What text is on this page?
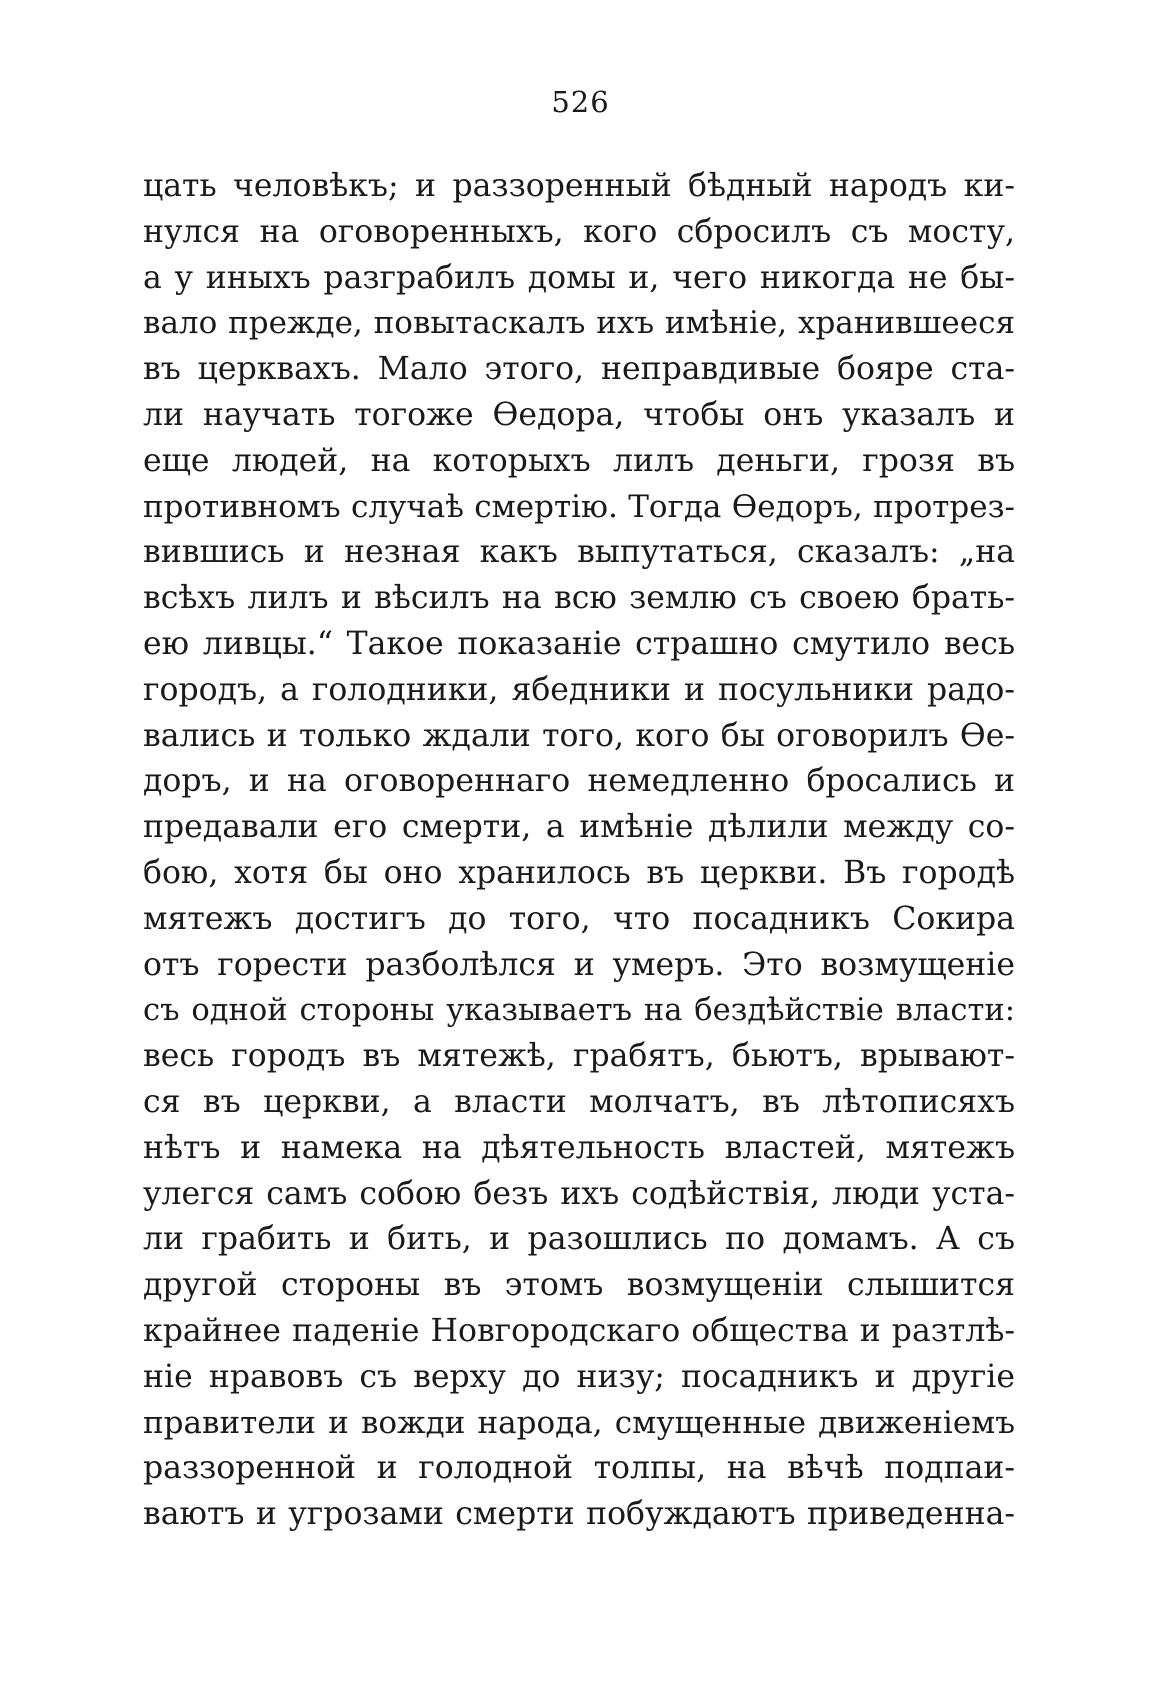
526
цать человѣкъ; и раззоренный бѣдный народъ ки-
нулся на оговоренныхъ, кого сбросилъ съ мосту,
а у иныхъ разграбилъ домы и, чего никогда не бы-
вало прежде, повытаскалъ ихъ имѣніе, хранившееся
въ церквахъ. Мало этого, неправдивые бояре ста-
ли научать тогоже Ѳедора, чтобы онъ указалъ и
еще людей, на которыхъ лилъ деньги, грозя въ
противномъ случаѣ смертію. Тогда Ѳедоръ, протрез-
вившись и незная какъ выпутаться, сказалъ: „на
всѣхъ лилъ и вѣсилъ на всю землю съ своею брать-
ею ливцы.“ Такое показаніе страшно смутило весь
городъ, а голодники, ябедники и посульники радо-
вались и только ждали того, кого бы оговорилъ Ѳе-
доръ, и на оговореннаго немедленно бросались и
предавали его смерти, а имѣніе дѣлили между со-
бою, хотя бы оно хранилось въ церкви. Въ городѣ
мятежъ достигъ до того, что посадникъ Сокира
отъ горести разболѣлся и умеръ. Это возмущеніе
съ одной стороны указываетъ на бездѣйствіе власти:
весь городъ въ мятежѣ, грабятъ, бьютъ, врывают-
ся въ церкви, а власти молчатъ, въ лѣтописяхъ
нѣтъ и намека на дѣятельность властей, мятежъ
улегся самъ собою безъ ихъ содѣйствія, люди уста-
ли грабить и бить, и разошлись по домамъ. А съ
другой стороны въ этомъ возмущеніи слышится
крайнее паденіе Новгородскаго общества и разтлѣ-
ніе нравовъ съ верху до низу; посадникъ и другіе
правители и вожди народа, смущенные движеніемъ
раззоренной и голодной толпы, на вѣчѣ подпаи-
ваютъ и угрозами смерти побуждаютъ приведенна-
